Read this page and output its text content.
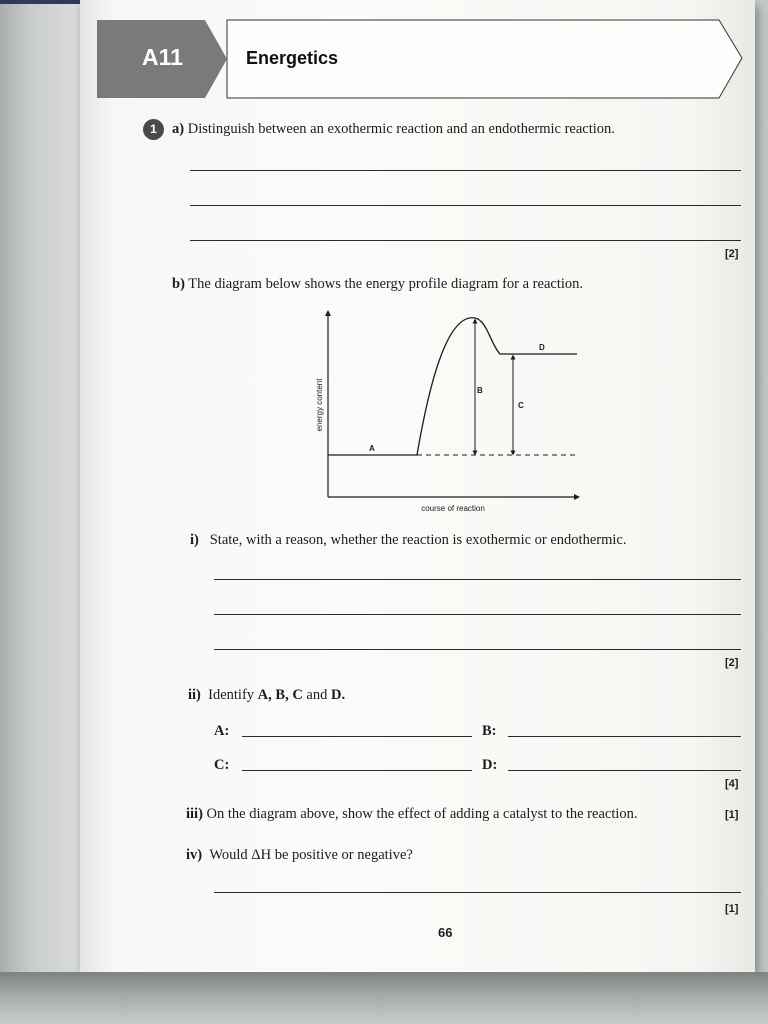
A11	Energetics
1	a) Distinguish between an exothermic reaction and an endothermic reaction.
[2]
b) The diagram below shows the energy profile diagram for a reaction.
energy content
course of reaction
A
B
C
D
i) State, with a reason, whether the reaction is exothermic or endothermic.
[2]
ii) Identify A, B, C and D.
A:	B:
C:	D:
[4]
iii) On the diagram above, show the effect of adding a catalyst to the reaction.	[1]
iv) Would ΔH be positive or negative?
[1]
66
